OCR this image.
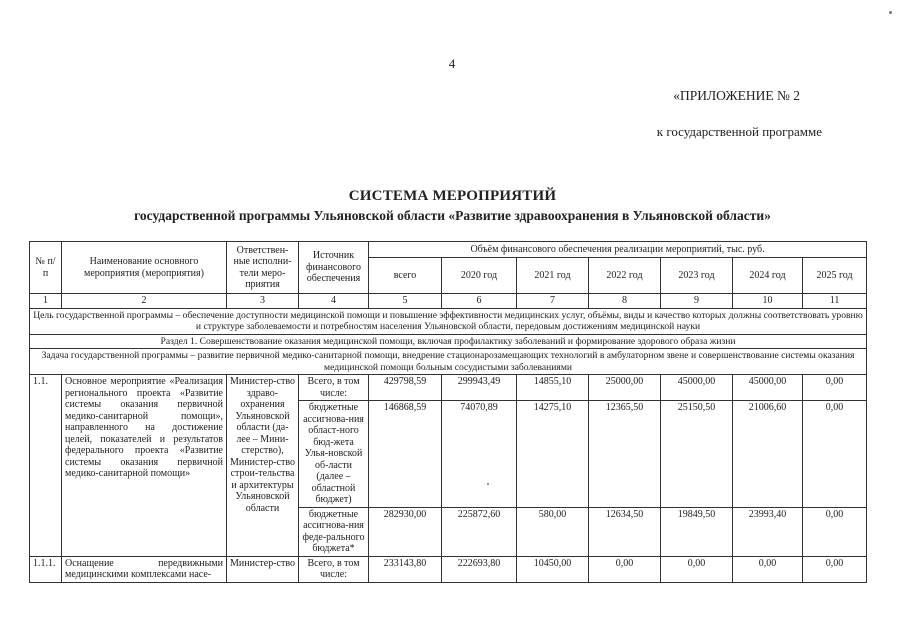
4
«ПРИЛОЖЕНИЕ № 2
к государственной программе
СИСТЕМА МЕРОПРИЯТИЙ
государственной программы Ульяновской области «Развитие здравоохранения в Ульяновской области»
№ п/п	Наименование основного мероприятия (мероприятия)	Ответствен-ные исполни-тели меро-приятия	Источник финансового обеспечения	Объём финансового обеспечения реализации мероприятий, тыс. руб.						
				всего	2020 год	2021 год	2022 год	2023 год	2024 год	2025 год
1	2	3	4	5	6	7	8	9	10	11
Цель государственной программы – обеспечение доступности медицинской помощи и повышение эффективности медицинских услуг, объёмы, виды и качество которых должны соответствовать уровню и структуре заболеваемости и потребностям населения Ульяновской области, передовым достижениям медицинской науки										
Раздел 1. Совершенствование оказания медицинской помощи, включая профилактику заболеваний и формирование здорового образа жизни										
Задача государственной программы – развитие первичной медико-санитарной помощи, внедрение стационарозамещающих технологий в амбулаторном звене и совершенствование системы оказания медицинской помощи больным сосудистыми заболеваниями										
1.1.	Основное мероприятие «Реализация регионального проекта «Развитие системы оказания первичной медико-санитарной помощи», направленного на достижение целей, показателей и результатов федерального проекта «Развитие системы оказания первичной медико-санитарной помощи»	Министер-ство здраво-охранения Ульяновской области (да-лее – Мини-стерство), Министер-ство строи-тельства и архитектуры Ульяновской области	Всего, в том числе:	429798,59	299943,49	14855,10	25000,00	45000,00	45000,00	0,00
			бюджетные ассигнова-ния област-ного бюд-жета Улья-новской об-ласти (далее – областной бюджет)	146868,59	74070,89	14275,10	12365,50	25150,50	21006,60	0,00
			бюджетные ассигнова-ния феде-рального бюджета*	282930,00	225872,60	580,00	12634,50	19849,50	23993,40	0,00
1.1.1.	Оснащение передвижными медицинскими комплексами насе-	Министер-ство	Всего, в том числе:	233143,80	222693,80	10450,00	0,00	0,00	0,00	0,00
